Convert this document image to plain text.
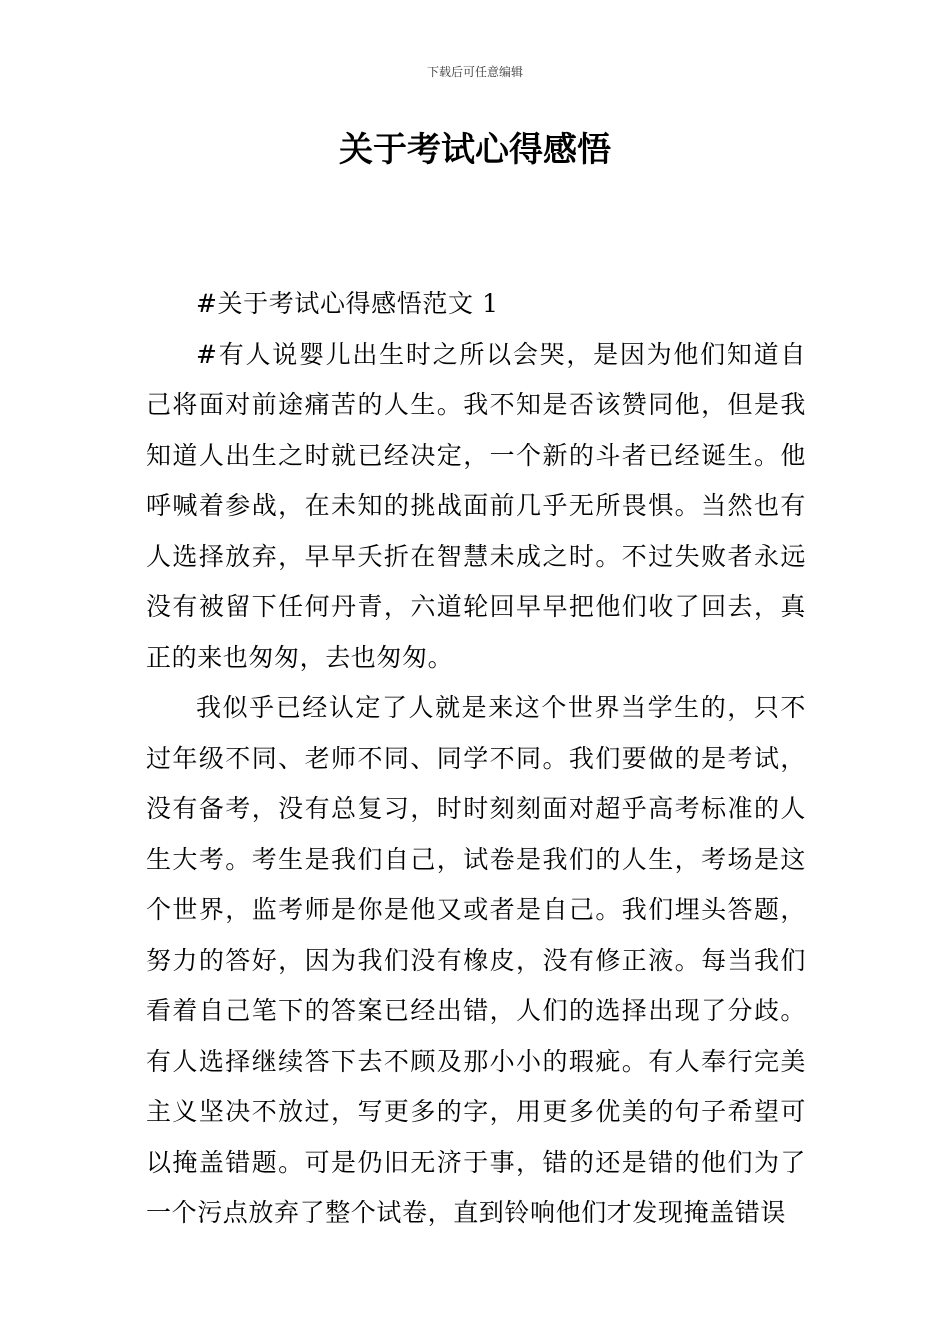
下载后可任意编辑
关于考试心得感悟

#关于考试心得感悟范文 1

#有人说婴儿出生时之所以会哭，是因为他们知道自己将面对前途痛苦的人生。我不知是否该赞同他，但是我知道人出生之时就已经决定，一个新的斗者已经诞生。他呼喊着参战，在未知的挑战面前几乎无所畏惧。当然也有人选择放弃，早早夭折在智慧未成之时。不过失败者永远没有被留下任何丹青，六道轮回早早把他们收了回去，真正的来也匆匆，去也匆匆。

我似乎已经认定了人就是来这个世界当学生的，只不过年级不同、老师不同、同学不同。我们要做的是考试，没有备考，没有总复习，时时刻刻面对超乎高考标准的人生大考。考生是我们自己，试卷是我们的人生，考场是这个世界，监考师是你是他又或者是自己。我们埋头答题，努力的答好，因为我们没有橡皮，没有修正液。每当我们看着自己笔下的答案已经出错，人们的选择出现了分歧。有人选择继续答下去不顾及那小小的瑕疵。有人奉行完美主义坚决不放过，写更多的字，用更多优美的句子希望可以掩盖错题。可是仍旧无济于事，错的还是错的他们为了一个污点放弃了整个试卷，直到铃响他们才发现掩盖错误
